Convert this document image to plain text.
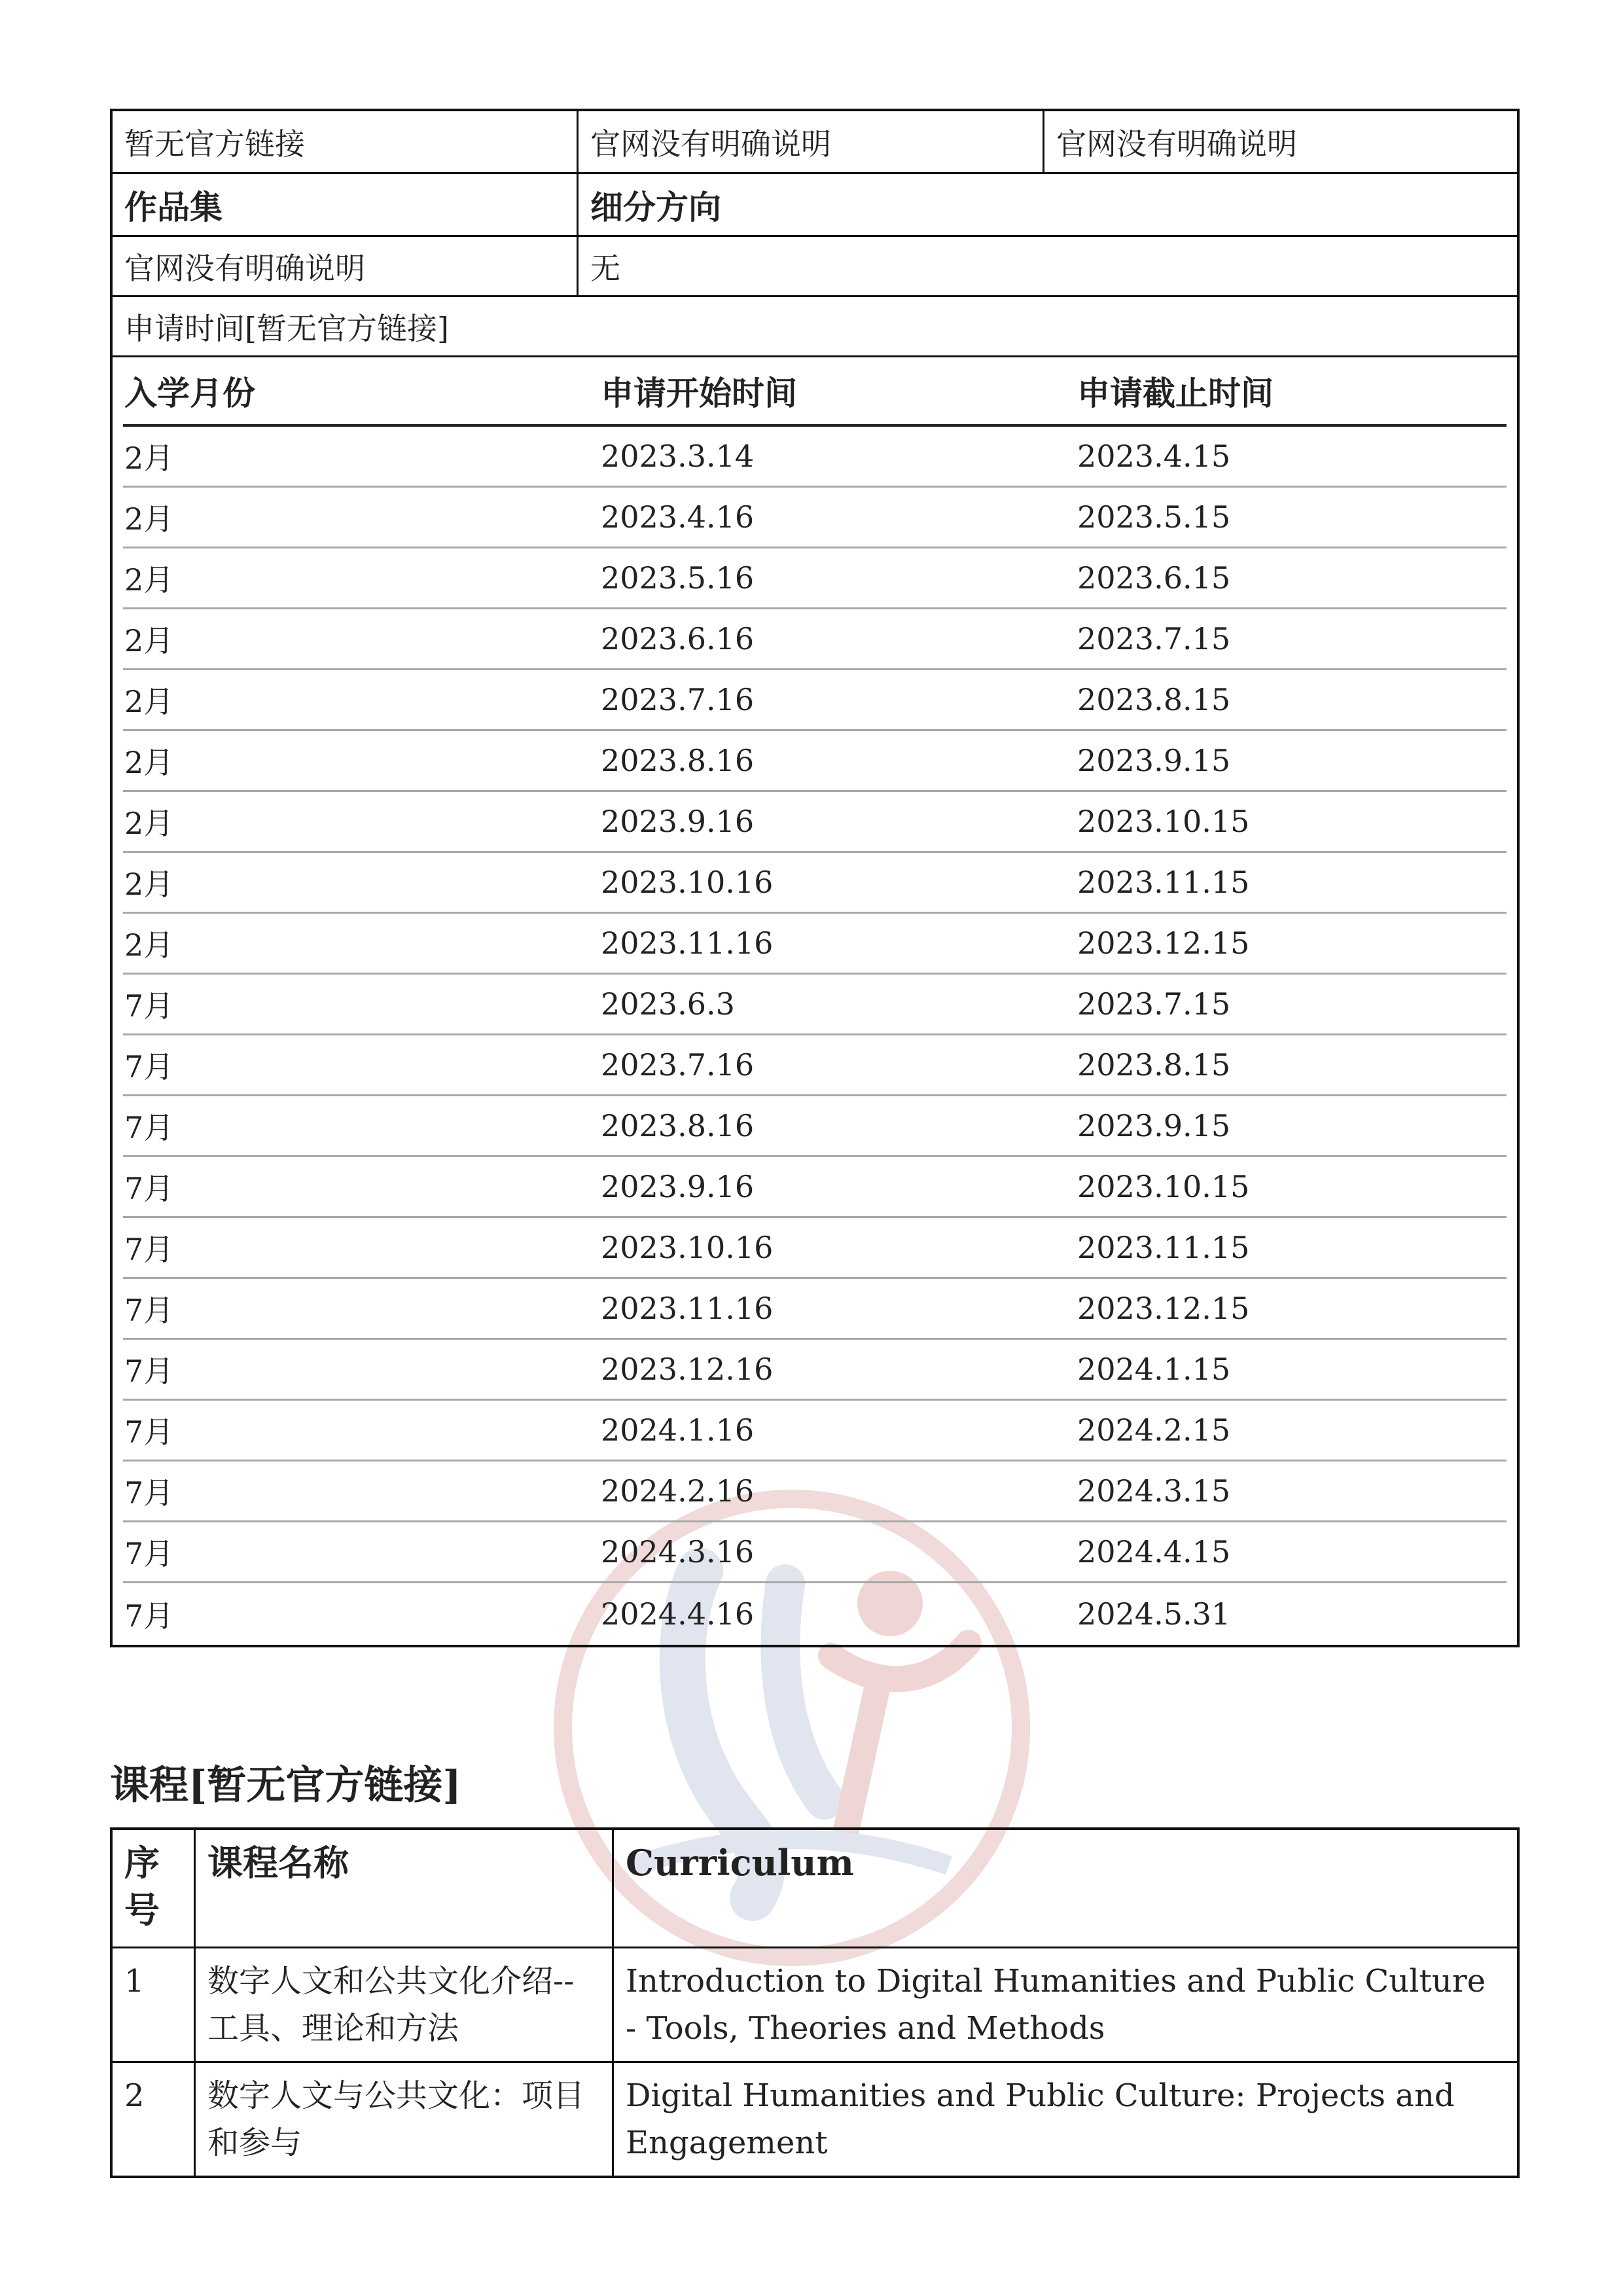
暂无官方链接	官网没有明确说明	官网没有明确说明
作品集	细分方向
官网没有明确说明	无
申请时间[暂无官方链接]
入学月份	申请开始时间	申请截止时间
2月	2023.3.14	2023.4.15
2月	2023.4.16	2023.5.15
2月	2023.5.16	2023.6.15
2月	2023.6.16	2023.7.15
2月	2023.7.16	2023.8.15
2月	2023.8.16	2023.9.15
2月	2023.9.16	2023.10.15
2月	2023.10.16	2023.11.15
2月	2023.11.16	2023.12.15
7月	2023.6.3	2023.7.15
7月	2023.7.16	2023.8.15
7月	2023.8.16	2023.9.15
7月	2023.9.16	2023.10.15
7月	2023.10.16	2023.11.15
7月	2023.11.16	2023.12.15
7月	2023.12.16	2024.1.15
7月	2024.1.16	2024.2.15
7月	2024.2.16	2024.3.15
7月	2024.3.16	2024.4.15
7月	2024.4.16	2024.5.31
课程[暂无官方链接]
序号	课程名称	Curriculum
1	数字人文和公共文化介绍--工具、理论和方法	Introduction to Digital Humanities and Public Culture - Tools, Theories and Methods
2	数字人文与公共文化：项目和参与	Digital Humanities and Public Culture: Projects and Engagement
